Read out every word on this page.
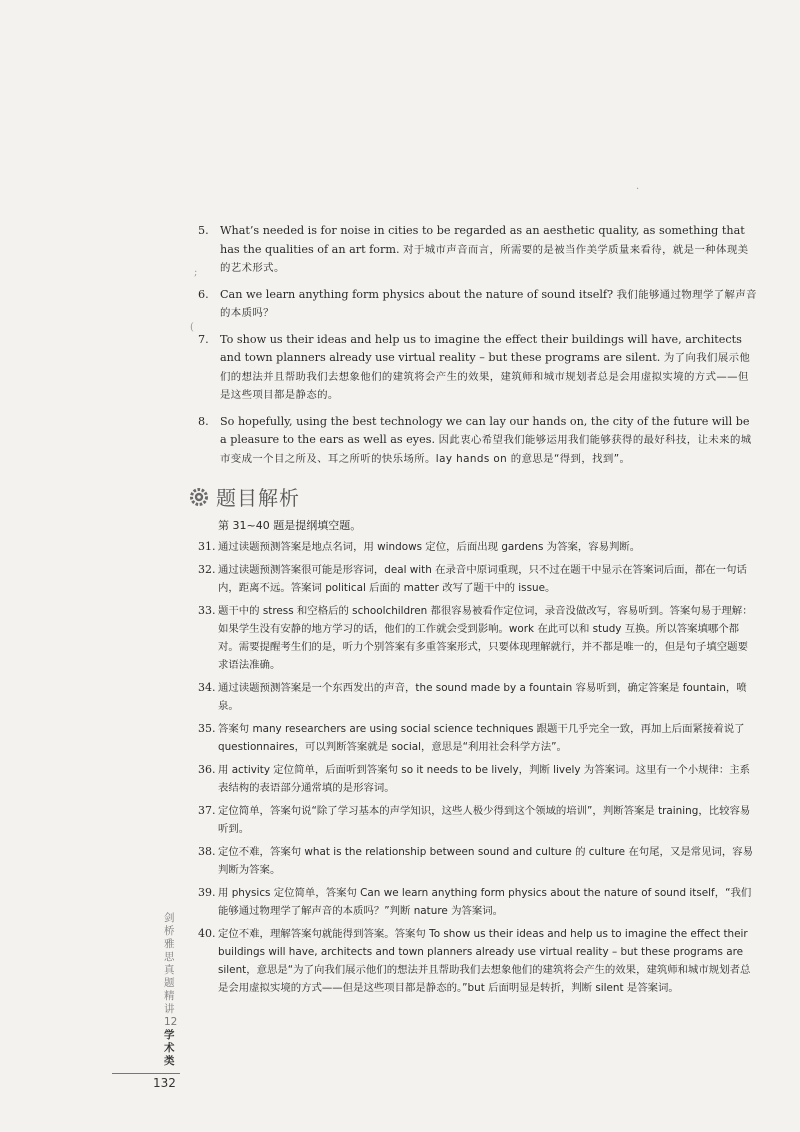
·
;
(
5. What’s needed is for noise in cities to be regarded as an aesthetic quality, as something that has the qualities of an art form. 对于城市声音而言，所需要的是被当作美学质量来看待，就是一种体现美的艺术形式。
6. Can we learn anything form physics about the nature of sound itself? 我们能够通过物理学了解声音的本质吗？
7. To show us their ideas and help us to imagine the effect their buildings will have, architects and town planners already use virtual reality – but these programs are silent. 为了向我们展示他们的想法并且帮助我们去想象他们的建筑将会产生的效果，建筑师和城市规划者总是会用虚拟实境的方式——但是这些项目都是静态的。
8. So hopefully, using the best technology we can lay our hands on, the city of the future will be a pleasure to the ears as well as eyes. 因此衷心希望我们能够运用我们能够获得的最好科技，让未来的城市变成一个目之所及、耳之所听的快乐场所。lay hands on 的意思是“得到，找到”。
题目解析
第 31~40 题是提纲填空题。
31. 通过读题预测答案是地点名词，用 windows 定位，后面出现 gardens 为答案，容易判断。
32. 通过读题预测答案很可能是形容词，deal with 在录音中原词重现，只不过在题干中显示在答案词后面，都在一句话内，距离不远。答案词 political 后面的 matter 改写了题干中的 issue。
33. 题干中的 stress 和空格后的 schoolchildren 都很容易被看作定位词，录音没做改写，容易听到。答案句易于理解：如果学生没有安静的地方学习的话，他们的工作就会受到影响。work 在此可以和 study 互换。所以答案填哪个都对。需要提醒考生们的是，听力个别答案有多重答案形式，只要体现理解就行，并不都是唯一的，但是句子填空题要求语法准确。
34. 通过读题预测答案是一个东西发出的声音，the sound made by a fountain 容易听到，确定答案是 fountain，喷泉。
35. 答案句 many researchers are using social science techniques 跟题干几乎完全一致，再加上后面紧接着说了 questionnaires，可以判断答案就是 social，意思是“利用社会科学方法”。
36. 用 activity 定位简单，后面听到答案句 so it needs to be lively，判断 lively 为答案词。这里有一个小规律：主系表结构的表语部分通常填的是形容词。
37. 定位简单，答案句说“除了学习基本的声学知识，这些人极少得到这个领域的培训”，判断答案是 training，比较容易听到。
38. 定位不难，答案句 what is the relationship between sound and culture 的 culture 在句尾，又是常见词，容易判断为答案。
39. 用 physics 定位简单，答案句 Can we learn anything form physics about the nature of sound itself，“我们能够通过物理学了解声音的本质吗？”判断 nature 为答案词。
40. 定位不难，理解答案句就能得到答案。答案句 To show us their ideas and help us to imagine the effect their buildings will have, architects and town planners already use virtual reality – but these programs are silent，意思是“为了向我们展示他们的想法并且帮助我们去想象他们的建筑将会产生的效果，建筑师和城市规划者总是会用虚拟实境的方式——但是这些项目都是静态的。”but 后面明显是转折，判断 silent 是答案词。
剑桥雅思真题精讲12
学术类
132
